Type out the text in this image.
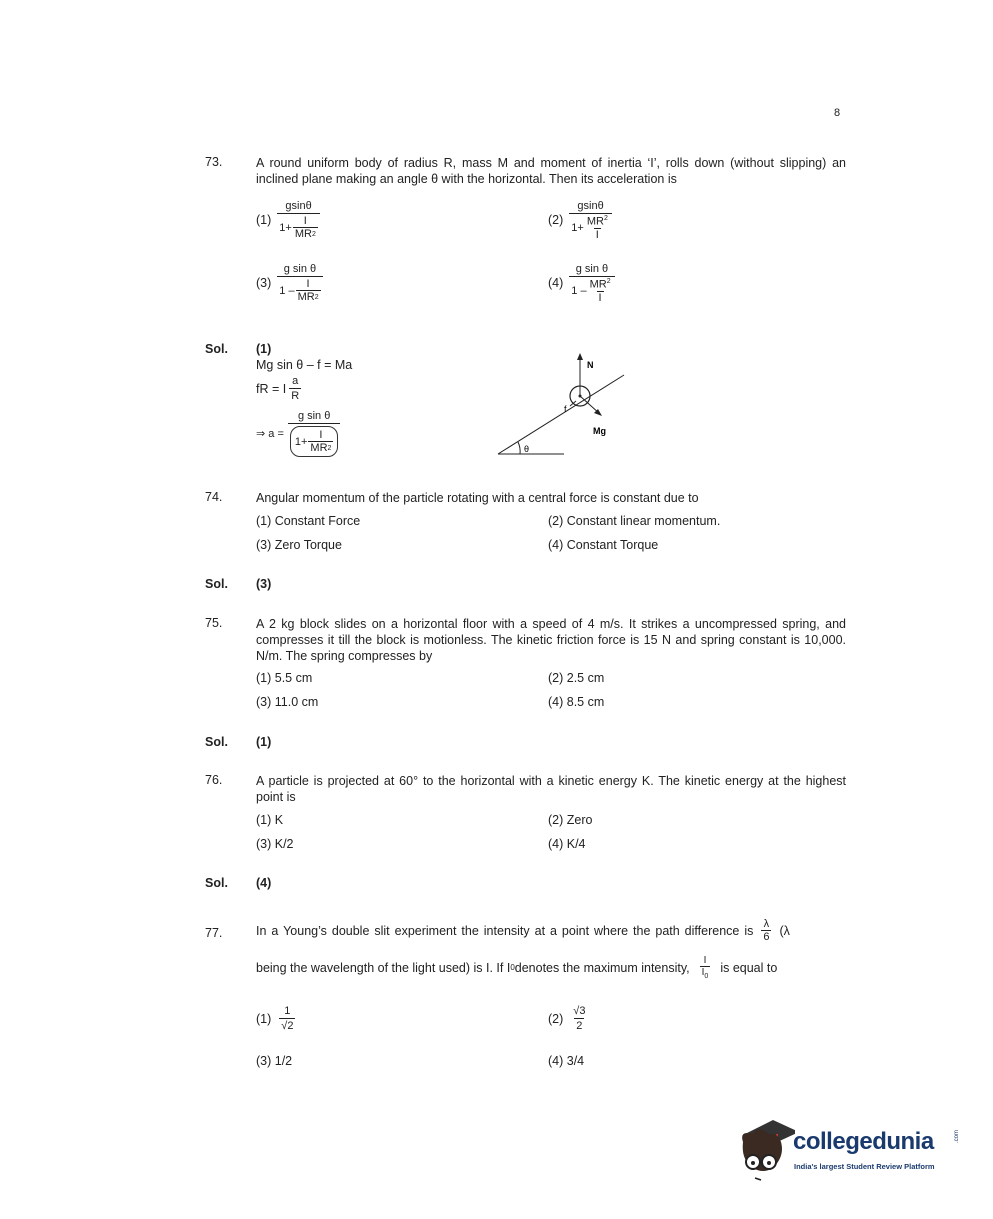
8
73.	A round uniform body of radius R, mass M and moment of inertia ‘I’, rolls down (without slipping) an inclined plane making an angle θ with the horizontal. Then its acceleration is
$(1) \frac{gsin\theta}{1+ \frac{I}{MR 2}}$	$(2) \frac{gsin\theta}{1+ \frac{MR^2}{I}}$
$(3) \frac{\text{g sin θ}}{1 - \frac{I}{MR 2}}$	$(4) \frac{\text{g sin θ}}{1 - \frac{MR^2}{I}}$
Sol. (1)
Mg sin θ – f = Ma
fR = I $\frac{a}{R}$
⇒ $a = \frac{\text{g sin θ}}{1+ \frac{I}{MR 2}}$
N
f
Mg
θ
74.	Angular momentum of the particle rotating with a central force is constant due to
(1) Constant Force	(2) Constant linear momentum.
(3) Zero Torque	(4) Constant Torque
Sol. (3)
75.	A 2 kg block slides on a horizontal floor with a speed of 4 m/s. It strikes a uncompressed spring, and compresses it till the block is motionless. The kinetic friction force is 15 N and spring constant is 10,000. N/m. The spring compresses by
(1) 5.5 cm	(2) 2.5 cm
(3) 11.0 cm	(4) 8.5 cm
Sol. (1)
76.	A particle is projected at 60° to the horizontal with a kinetic energy K. The kinetic energy at the highest point is
(1) K	(2) Zero
(3) K/2	(4) K/4
Sol. (4)
77.	In a Young’s double slit experiment the intensity at a point where the path difference is $\frac{\lambda}{6} (\lambda$
being the wavelength of the light used) is I. If I 0 denotes the maximum intensity, $\frac{I}{I_0}$ is equal to
$(1) \frac{1}{√2}$	$(2) \frac{√3}{2}$
(3) 1/2	(4) 3/4
collegedunia	.com
India's largest Student Review Platform
